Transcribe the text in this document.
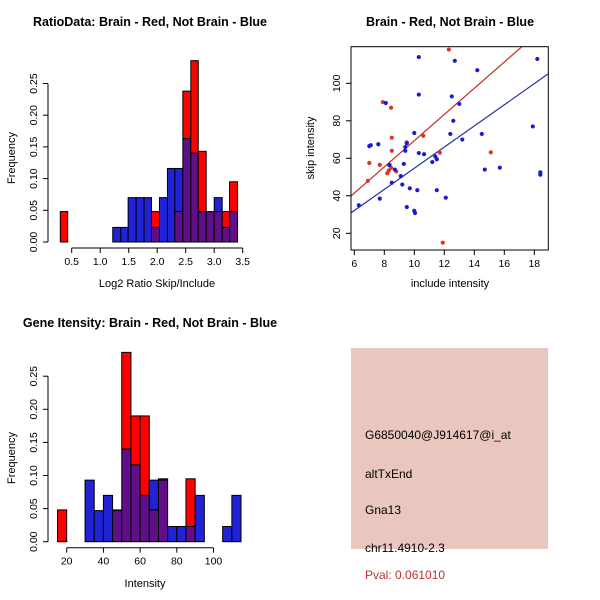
0.5 1.0 1.5 2.0 2.5 3.0 3.5
0.00
0.05
0.10
0.15
0.20
0.25
Log2 Ratio Skip/Include
Frequency
RatioData: Brain - Red, Not Brain - Blue
6 8 10 12 14 16 18
20
40
60
80
100
include intensity
skip intensity
Brain - Red, Not Brain - Blue
20 40 60 80 100
0.00
0.05
0.10
0.15
0.20
0.25
Intensity
Frequency
Gene Itensity: Brain - Red, Not Brain - Blue
G6850040@J914617@i_at
altTxEnd
Gna13
chr11.4910-2.3
Pval: 0.061010
